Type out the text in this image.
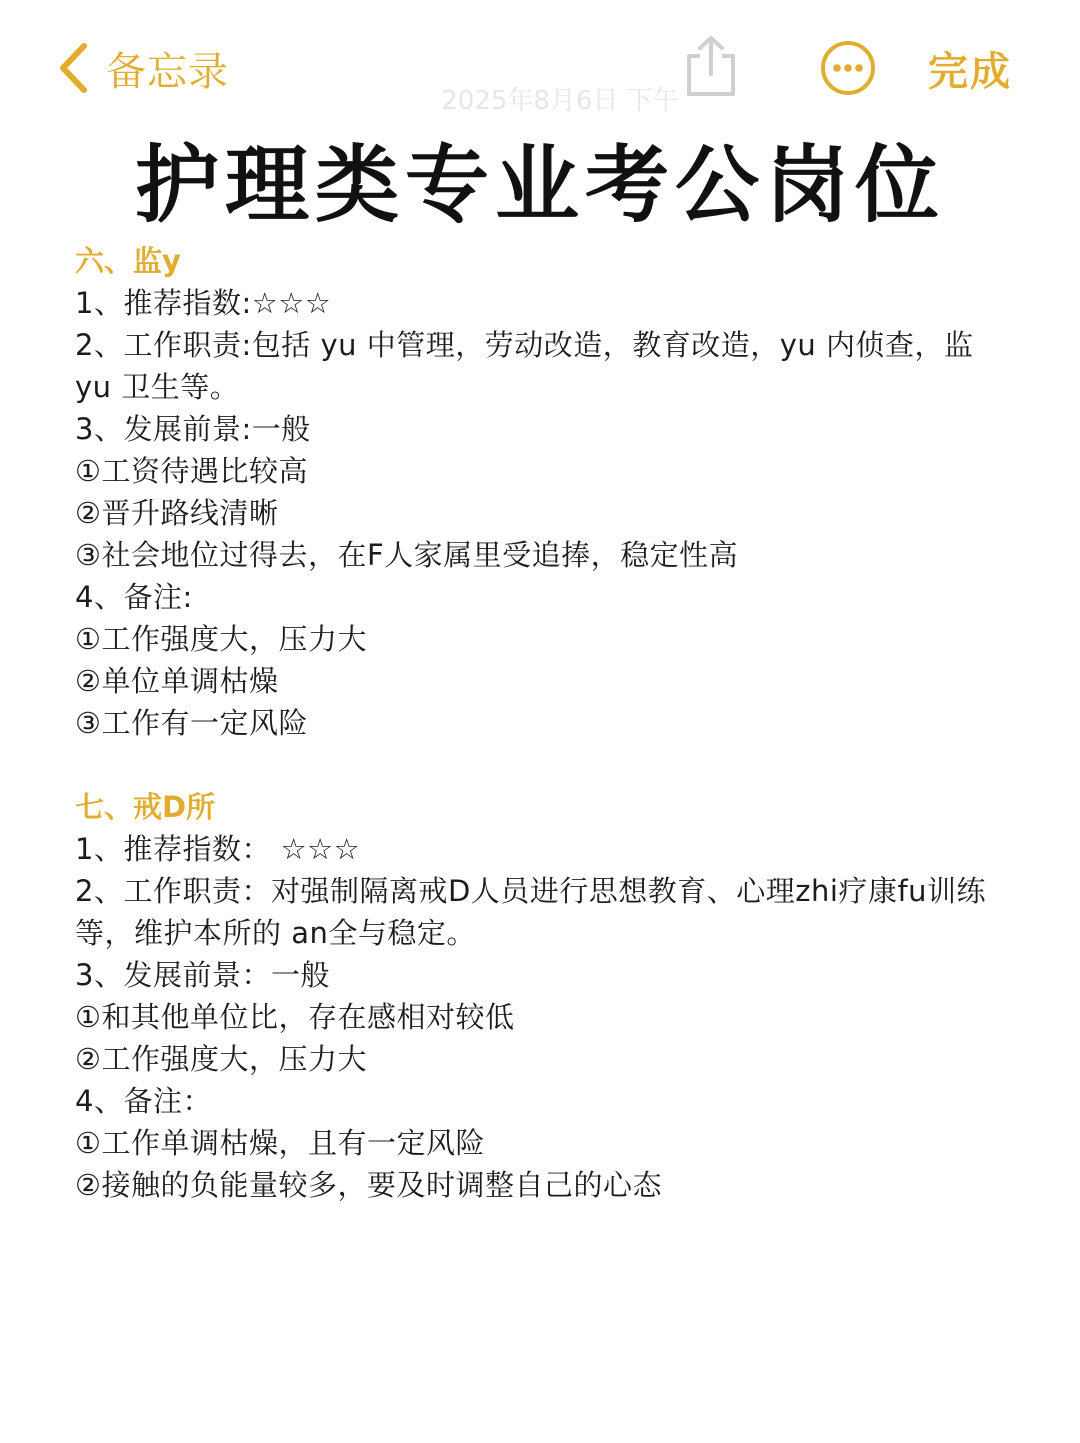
备忘录
2025年8月6日 下午
完成
护理类专业考公岗位
六、监y
1、推荐指数:☆☆☆
2、工作职责:包括 yu 中管理，劳动改造，教育改造，yu 内侦查，监
yu 卫生等。
3、发展前景:一般
①工资待遇比较高
②晋升路线清晰
③社会地位过得去，在F人家属里受追捧，稳定性高
4、备注:
①工作强度大，压力大
②单位单调枯燥
③工作有一定风险
七、戒D所
1、推荐指数： ☆☆☆
2、工作职责：对强制隔离戒D人员进行思想教育、心理zhi疗康fu训练
等，维护本所的 an全与稳定。
3、发展前景：一般
①和其他单位比，存在感相对较低
②工作强度大，压力大
4、备注：
①工作单调枯燥，且有一定风险
②接触的负能量较多，要及时调整自己的心态
